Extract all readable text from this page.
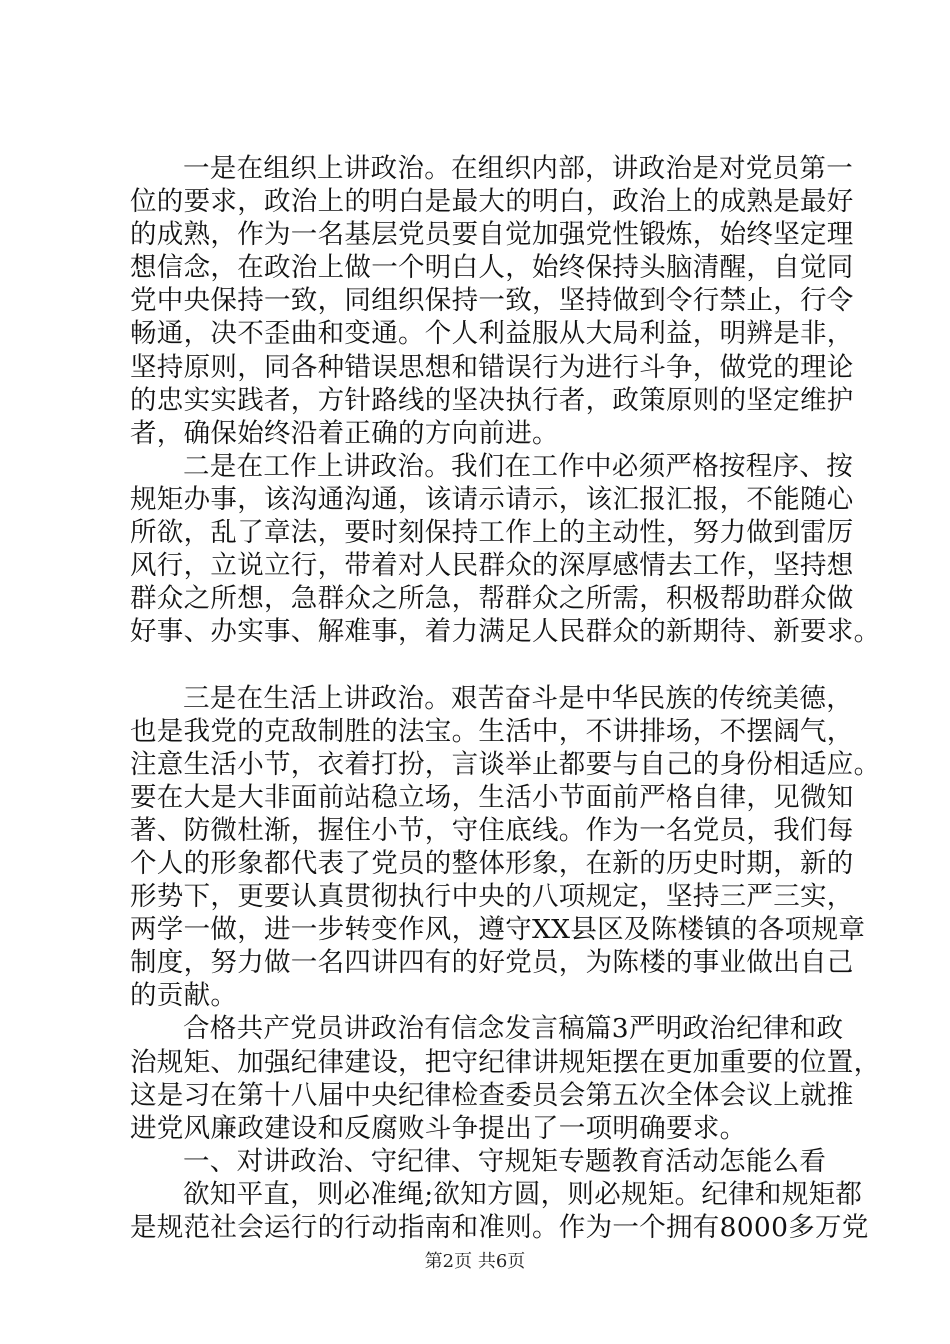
一是在组织上讲政治。在组织内部，讲政治是对党员第一
位的要求，政治上的明白是最大的明白，政治上的成熟是最好
的成熟，作为一名基层党员要自觉加强党性锻炼，始终坚定理
想信念，在政治上做一个明白人，始终保持头脑清醒，自觉同
党中央保持一致，同组织保持一致，坚持做到令行禁止，行令
畅通，决不歪曲和变通。个人利益服从大局利益，明辨是非，
坚持原则，同各种错误思想和错误行为进行斗争，做党的理论
的忠实实践者，方针路线的坚决执行者，政策原则的坚定维护
者，确保始终沿着正确的方向前进。
二是在工作上讲政治。我们在工作中必须严格按程序、按
规矩办事，该沟通沟通，该请示请示，该汇报汇报，不能随心
所欲，乱了章法，要时刻保持工作上的主动性，努力做到雷厉
风行，立说立行，带着对人民群众的深厚感情去工作，坚持想
群众之所想，急群众之所急，帮群众之所需，积极帮助群众做
好事、办实事、解难事，着力满足人民群众的新期待、新要求。
三是在生活上讲政治。艰苦奋斗是中华民族的传统美德，
也是我党的克敌制胜的法宝。生活中，不讲排场，不摆阔气，
注意生活小节，衣着打扮，言谈举止都要与自己的身份相适应。
要在大是大非面前站稳立场，生活小节面前严格自律，见微知
著、防微杜渐，握住小节，守住底线。作为一名党员，我们每
个人的形象都代表了党员的整体形象，在新的历史时期，新的
形势下，更要认真贯彻执行中央的八项规定，坚持三严三实，
两学一做，进一步转变作风，遵守XX县区及陈楼镇的各项规章
制度，努力做一名四讲四有的好党员，为陈楼的事业做出自己
的贡献。
合格共产党员讲政治有信念发言稿篇3严明政治纪律和政
治规矩、加强纪律建设，把守纪律讲规矩摆在更加重要的位置，
这是习在第十八届中央纪律检查委员会第五次全体会议上就推
进党风廉政建设和反腐败斗争提出了一项明确要求。
一、对讲政治、守纪律、守规矩专题教育活动怎能么看
欲知平直，则必准绳;欲知方圆，则必规矩。纪律和规矩都
是规范社会运行的行动指南和准则。作为一个拥有8000多万党
第2页 共6页
